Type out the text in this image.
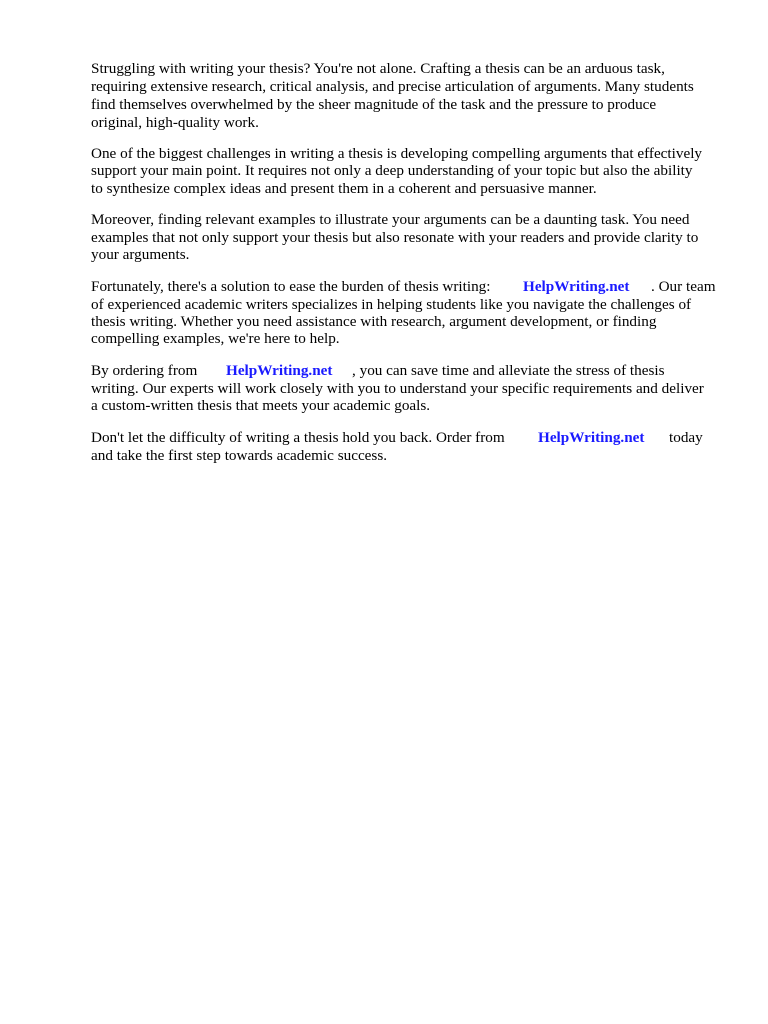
Struggling with writing your thesis? You're not alone. Crafting a thesis can be an arduous task,
requiring extensive research, critical analysis, and precise articulation of arguments. Many students
find themselves overwhelmed by the sheer magnitude of the task and the pressure to produce
original, high-quality work.
One of the biggest challenges in writing a thesis is developing compelling arguments that effectively
support your main point. It requires not only a deep understanding of your topic but also the ability
to synthesize complex ideas and present them in a coherent and persuasive manner.
Moreover, finding relevant examples to illustrate your arguments can be a daunting task. You need
examples that not only support your thesis but also resonate with your readers and provide clarity to
your arguments.
Fortunately, there's a solution to ease the burden of thesis writing: HelpWriting.net . Our team
of experienced academic writers specializes in helping students like you navigate the challenges of
thesis writing. Whether you need assistance with research, argument development, or finding
compelling examples, we're here to help.
By ordering from HelpWriting.net , you can save time and alleviate the stress of thesis
writing. Our experts will work closely with you to understand your specific requirements and deliver
a custom-written thesis that meets your academic goals.
Don't let the difficulty of writing a thesis hold you back. Order from HelpWriting.net today
and take the first step towards academic success.
